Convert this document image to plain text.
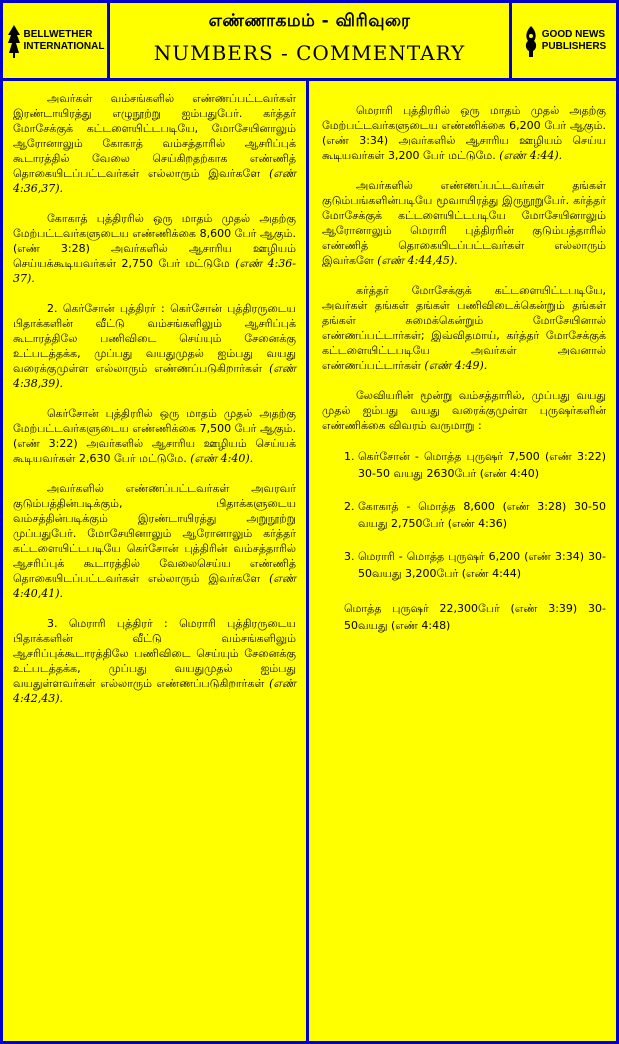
BELLWETHER
INTERNATIONAL
எண்ணாகமம் - விரிவுரை
NUMBERS - COMMENTARY
GOOD NEWS
PUBLISHERS

அவர்கள் வம்சங்களில் எண்ணப்பட்டவர்கள் இரண்டாயிரத்து எழுநூற்று ஐம்பதுபேர். கர்த்தர் மோசேக்குக் கட்டளையிட்டபடியே, மோசேயினாலும் ஆரோனாலும் கோகாத் வம்சத்தாரில் ஆசரிப்புக் கூடாரத்தில் வேலை செய்கிறதற்காக எண்ணித் தொகையிடப்பட்டவர்கள் எல்லாரும் இவர்களே (எண் 4:36,37).

கோகாத் புத்திரரில் ஒரு மாதம் முதல் அதற்கு மேற்பட்டவர்களுடைய எண்ணிக்கை 8,600 பேர் ஆகும். (எண் 3:28) அவர்களில் ஆசாரிய ஊழியம் செய்யக்கூடியவர்கள் 2,750 பேர் மட்டுமே (எண் 4:36-37).

2. கெர்சோன் புத்திரர் : கெர்சோன் புத்திரருடைய பிதாக்களின் வீட்டு வம்சங்களிலும் ஆசரிப்புக் கூடாரத்திலே பணிவிடை செய்யும் சேனைக்கு உட்படத்தக்க, முப்பது வயதுமுதல் ஐம்பது வயது வரைக்குமுள்ள எல்லாரும் எண்ணப்படுகிறார்கள் (எண் 4:38,39).

கெர்சோன் புத்திரரில் ஒரு மாதம் முதல் அதற்கு மேற்பட்டவர்களுடைய எண்ணிக்கை 7,500 பேர் ஆகும். (எண் 3:22) அவர்களில் ஆசாரிய ஊழியம் செய்யக் கூடியவர்கள் 2,630 பேர் மட்டுமே. (எண் 4:40).

அவர்களில் எண்ணப்பட்டவர்கள் அவரவர் குடும்பத்தின்படிக்கும், பிதாக்களுடைய வம்சத்தின்படிக்கும் இரண்டாயிரத்து அறுநூற்று முப்பதுபேர். மோசேயினாலும் ஆரோனாலும் கர்த்தர் கட்டளையிட்டபடியே கெர்சோன் புத்திரின் வம்சத்தாரில் ஆசரிப்புக் கூடாரத்தில் வேலைசெய்ய எண்ணித் தொகையிடப்பட்டவர்கள் எல்லாரும் இவர்களே (எண் 4:40,41).

3. மெராரி புத்திரர் : மெராரி புத்திரருடைய பிதாக்களின் வீட்டு வம்சங்களிலும் ஆசரிப்புக்கூடாரத்திலே பணிவிடை செய்யும் சேனைக்கு உட்படத்தக்க, முப்பது வயதுமுதல் ஐம்பது வயதுள்ளவர்கள் எல்லாரும் எண்ணப்படுகிறார்கள் (எண் 4:42,43).

மெராரி புத்திரரில் ஒரு மாதம் முதல் அதற்கு மேற்பட்டவர்களுடைய எண்ணிக்கை 6,200 பேர் ஆகும். (எண் 3:34) அவர்களில் ஆசாரிய ஊழியம் செய்ய கூடியவர்கள் 3,200 பேர் மட்டுமே. (எண் 4:44).

அவர்களில் எண்ணப்பட்டவர்கள் தங்கள் குடும்பங்களின்படியே மூவாயிரத்து இருநூறுபேர். கர்த்தர் மோசேக்குக் கட்டளையிட்டபடியே மோசேயினாலும் ஆரோனாலும் மெராரி புத்திரரின் குடும்பத்தாரில் எண்ணித் தொகையிடப்பட்டவர்கள் எல்லாரும் இவர்களே (எண் 4:44,45).

கர்த்தர் மோசேக்குக் கட்டளையிட்டபடியே, அவர்கள் தங்கள் தங்கள் பணிவிடைக்கென்றும் தங்கள் தங்கள் சுமைக்கென்றும் மோசேயினால் எண்ணப்பட்டார்கள்; இவ்விதமாய், கர்த்தர் மோசேக்குக் கட்டளையிட்டபடியே அவர்கள் அவனால் எண்ணப்பட்டார்கள் (எண் 4:49).

லேவியரின் மூன்று வம்சத்தாரில், முப்பது வயது முதல் ஐம்பது வயது வரைக்குமுள்ள புருஷர்களின் எண்ணிக்கை விவரம் வருமாறு :

1. கெர்சோன் - மொத்த புருஷர் 7,500 (எண் 3:22) 30-50 வயது 2630பேர் (எண் 4:40)
2. கோகாத் - மொத்த 8,600 (எண் 3:28) 30-50 வயது 2,750பேர் (எண் 4:36)
3. மெராரி - மொத்த புருஷர் 6,200 (எண் 3:34) 30-50வயது 3,200பேர் (எண் 4:44)
மொத்த புருஷர் 22,300பேர் (எண் 3:39) 30-50வயது (எண் 4:48)
